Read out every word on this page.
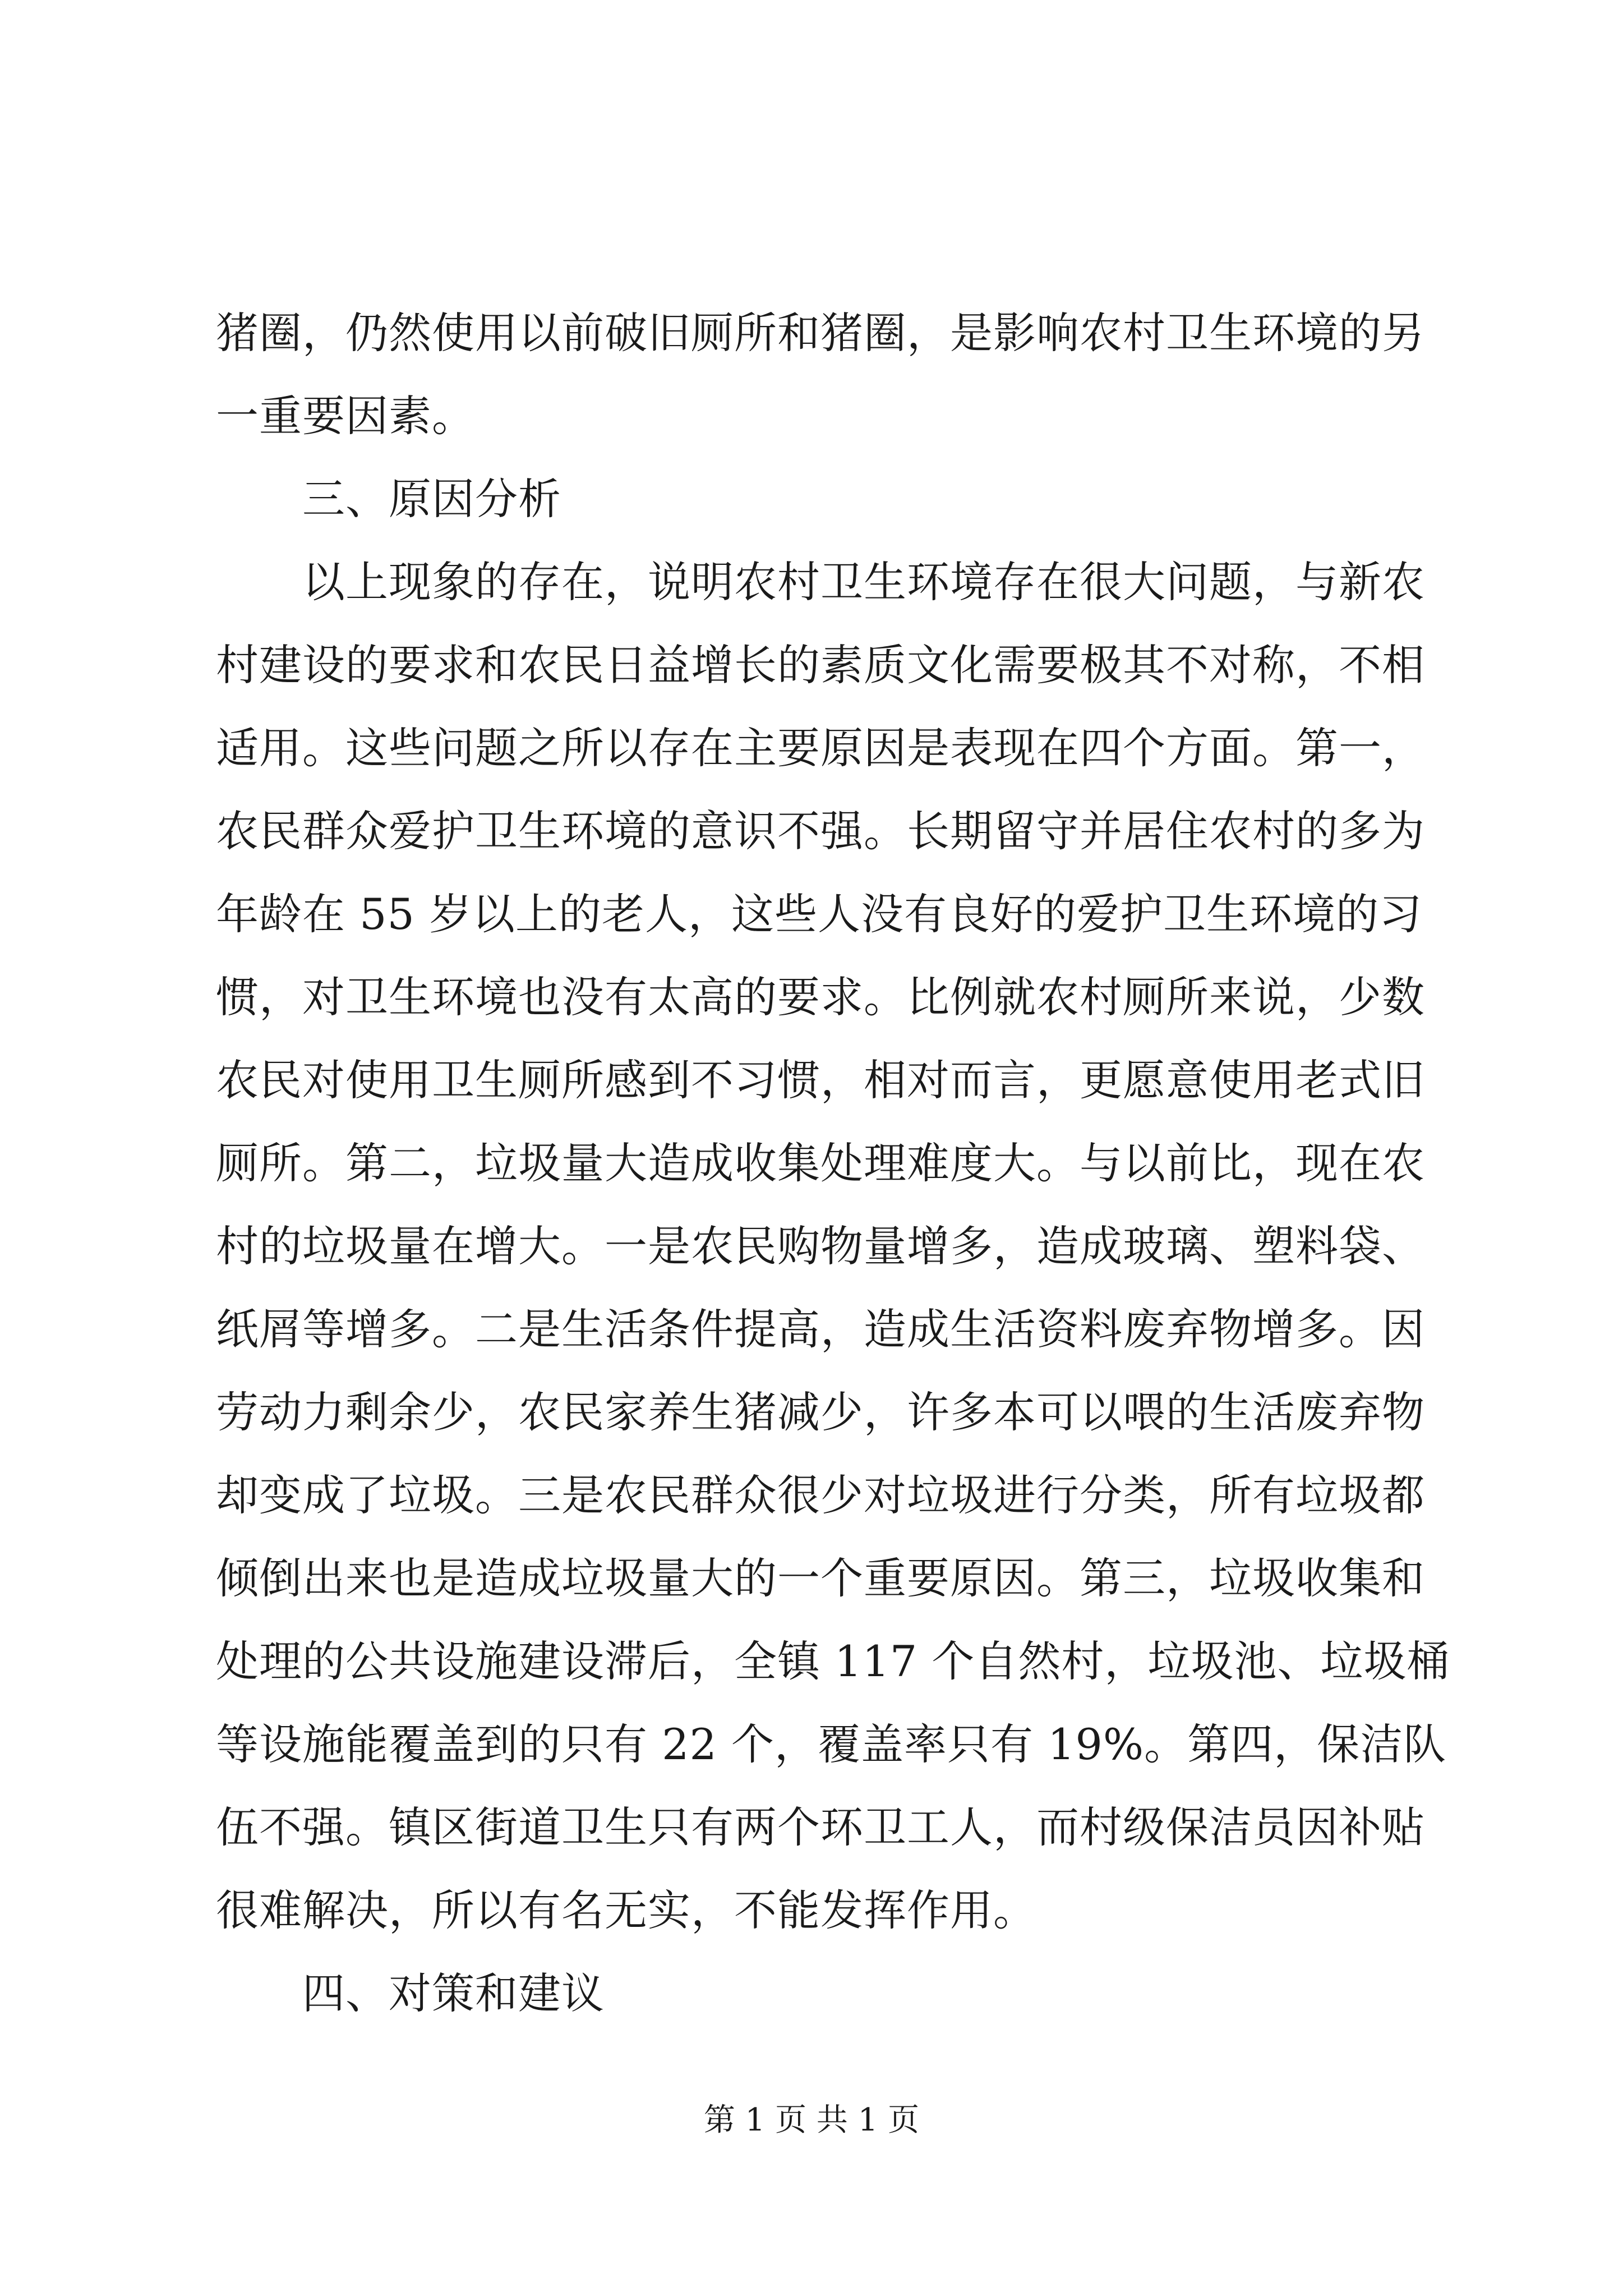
猪圈，仍然使用以前破旧厕所和猪圈，是影响农村卫生环境的另
一重要因素。
三、原因分析
以上现象的存在，说明农村卫生环境存在很大问题，与新农
村建设的要求和农民日益增长的素质文化需要极其不对称，不相
适用。这些问题之所以存在主要原因是表现在四个方面。第一，
农民群众爱护卫生环境的意识不强。长期留守并居住农村的多为
年龄在 55 岁以上的老人，这些人没有良好的爱护卫生环境的习
惯，对卫生环境也没有太高的要求。比例就农村厕所来说，少数
农民对使用卫生厕所感到不习惯，相对而言，更愿意使用老式旧
厕所。第二，垃圾量大造成收集处理难度大。与以前比，现在农
村的垃圾量在增大。一是农民购物量增多，造成玻璃、塑料袋、
纸屑等增多。二是生活条件提高，造成生活资料废弃物增多。因
劳动力剩余少，农民家养生猪减少，许多本可以喂的生活废弃物
却变成了垃圾。三是农民群众很少对垃圾进行分类，所有垃圾都
倾倒出来也是造成垃圾量大的一个重要原因。第三，垃圾收集和
处理的公共设施建设滞后，全镇 117 个自然村，垃圾池、垃圾桶
等设施能覆盖到的只有 22 个，覆盖率只有 19%。第四，保洁队
伍不强。镇区街道卫生只有两个环卫工人，而村级保洁员因补贴
很难解决，所以有名无实，不能发挥作用。
四、对策和建议
第 1 页 共 1 页
